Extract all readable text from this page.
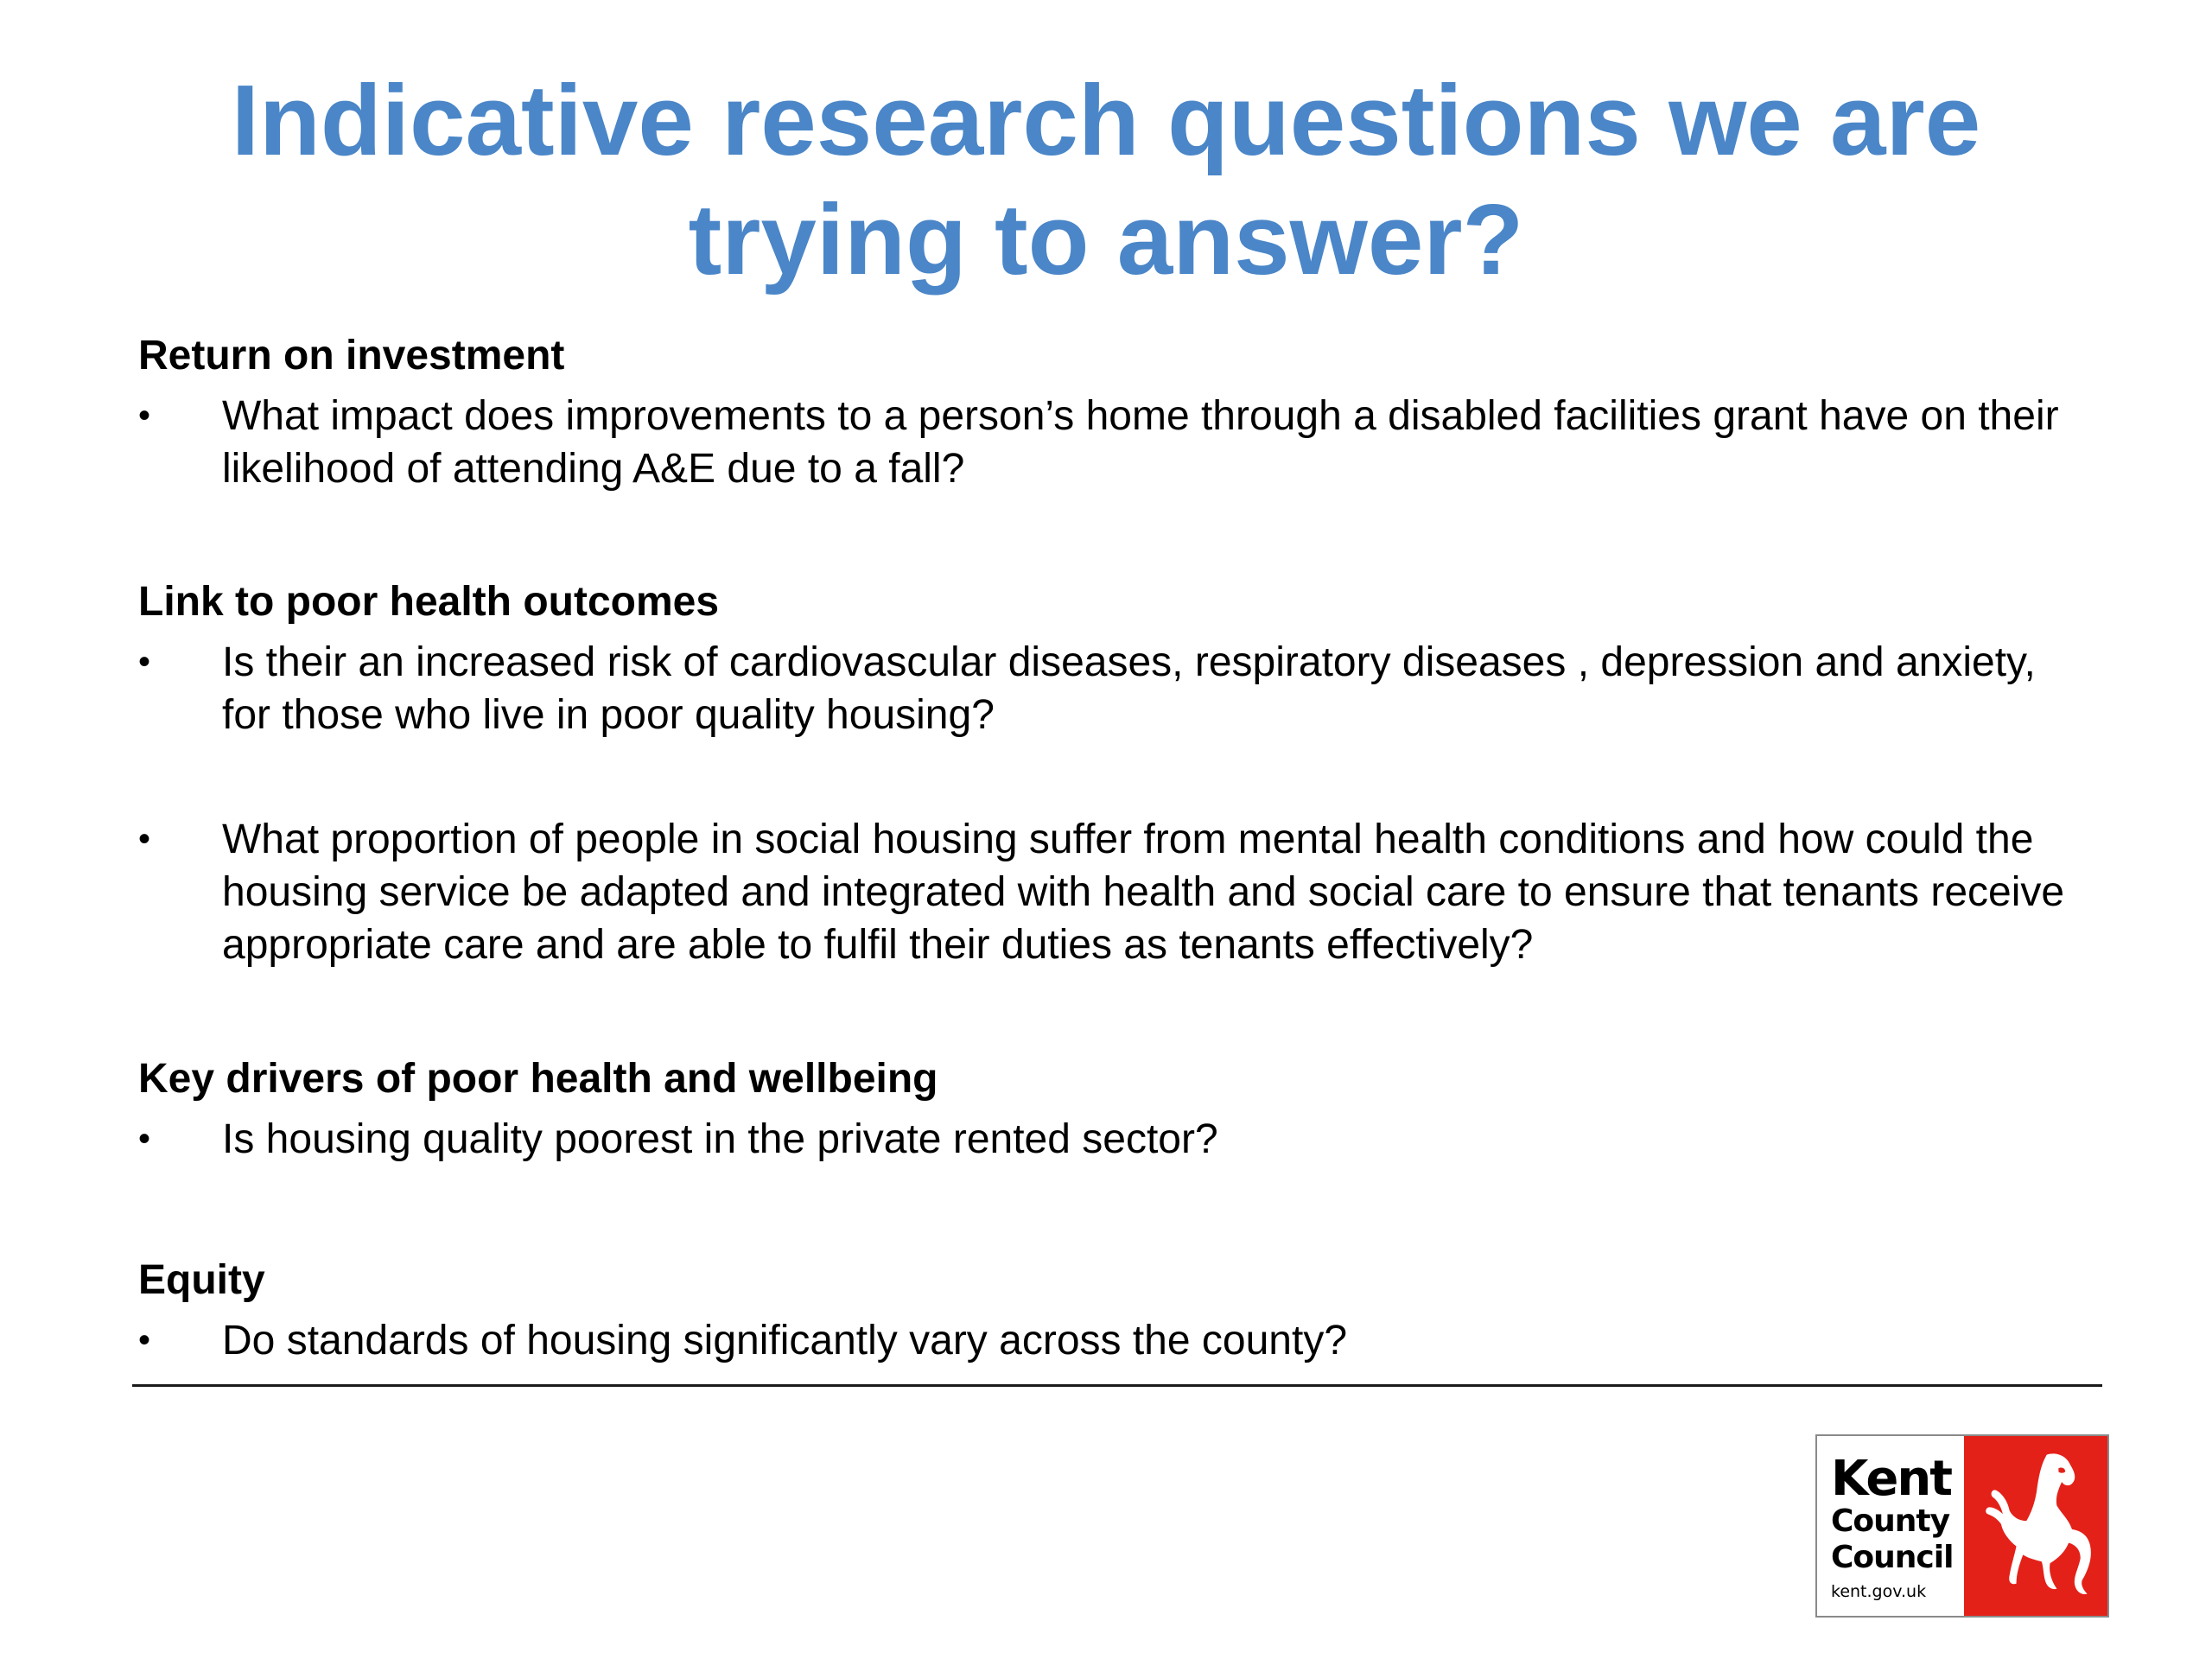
Indicative research questions we are
trying to answer?

Return on investment

• What impact does improvements to a person’s home through a disabled facilities grant have on their likelihood of attending A&E due to a fall?

Link to poor health outcomes

• Is their an increased risk of cardiovascular diseases, respiratory diseases , depression and anxiety, for those who live in poor quality housing?

• What proportion of people in social housing suffer from mental health conditions and how could the housing service be adapted and integrated with health and social care to ensure that tenants receive appropriate care and are able to fulfil their duties as tenants effectively?

Key drivers of poor health and wellbeing

• Is housing quality poorest in the private rented sector?

Equity

• Do standards of housing significantly vary across the county?

Kent
County
Council
kent.gov.uk
